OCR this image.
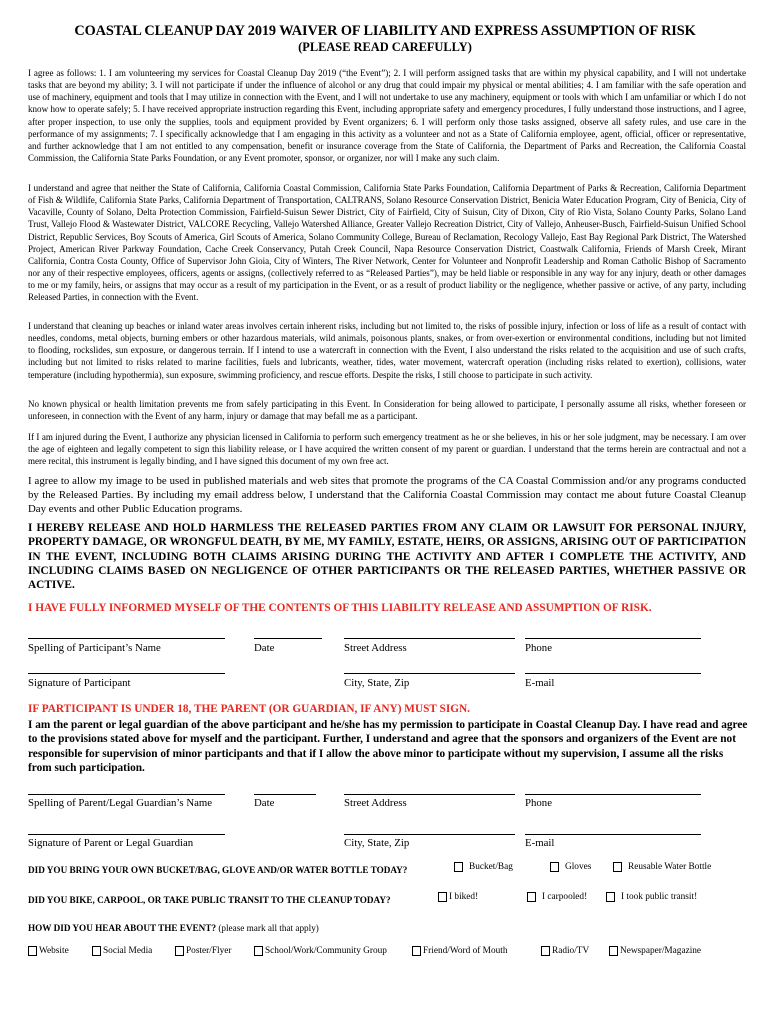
COASTAL CLEANUP DAY 2019 WAIVER OF LIABILITY AND EXPRESS ASSUMPTION OF RISK
(PLEASE READ CAREFULLY)

I agree as follows: 1. I am volunteering my services for Coastal Cleanup Day 2019 (“the Event”); 2. I will perform assigned tasks that are within my physical capability, and I will not undertake tasks that are beyond my ability; 3. I will not participate if under the influence of alcohol or any drug that could impair my physical or mental abilities; 4. I am familiar with the safe operation and use of machinery, equipment and tools that I may utilize in connection with the Event, and I will not undertake to use any machinery, equipment or tools with which I am unfamiliar or which I do not know how to operate safely; 5. I have received appropriate instruction regarding this Event, including appropriate safety and emergency procedures, I fully understand those instructions, and I agree, after proper inspection, to use only the supplies, tools and equipment provided by Event organizers; 6. I will perform only those tasks assigned, observe all safety rules, and use care in the performance of my assignments; 7. I specifically acknowledge that I am engaging in this activity as a volunteer and not as a State of California employee, agent, official, officer or representative, and further acknowledge that I am not entitled to any compensation, benefit or insurance coverage from the State of California, the Department of Parks and Recreation, the California Coastal Commission, the California State Parks Foundation, or any Event promoter, sponsor, or organizer, nor will I make any such claim.

I understand and agree that neither the State of California, California Coastal Commission, California State Parks Foundation, California Department of Parks & Recreation, California Department of Fish & Wildlife, California State Parks, California Department of Transportation, CALTRANS, Solano Resource Conservation District, Benicia Water Education Program, City of Benicia, City of Vacaville, County of Solano, Delta Protection Commission, Fairfield-Suisun Sewer District, City of Fairfield, City of Suisun, City of Dixon, City of Rio Vista, Solano County Parks, Solano Land Trust, Vallejo Flood & Wastewater District, VALCORE Recycling, Vallejo Watershed Alliance, Greater Vallejo Recreation District, City of Vallejo, Anheuser-Busch, Fairfield-Suisun Unified School District, Republic Services, Boy Scouts of America, Girl Scouts of America, Solano Community College, Bureau of Reclamation, Recology Vallejo, East Bay Regional Park District, The Watershed Project, American River Parkway Foundation, Cache Creek Conservancy, Putah Creek Council, Napa Resource Conservation District, Coastwalk California, Friends of Marsh Creek, Mirant California, Contra Costa County, Office of Supervisor John Gioia, City of Winters, The River Network, Center for Volunteer and Nonprofit Leadership and Roman Catholic Bishop of Sacramento nor any of their respective employees, officers, agents or assigns, (collectively referred to as “Released Parties”), may be held liable or responsible in any way for any injury, death or other damages to me or my family, heirs, or assigns that may occur as a result of my participation in the Event, or as a result of product liability or the negligence, whether passive or active, of any party, including Released Parties, in connection with the Event.

I understand that cleaning up beaches or inland water areas involves certain inherent risks, including but not limited to, the risks of possible injury, infection or loss of life as a result of contact with needles, condoms, metal objects, burning embers or other hazardous materials, wild animals, poisonous plants, snakes, or from over-exertion or environmental conditions, including but not limited to flooding, rockslides, sun exposure, or dangerous terrain. If I intend to use a watercraft in connection with the Event, I also understand the risks related to the acquisition and use of such crafts, including but not limited to risks related to marine facilities, fuels and lubricants, weather, tides, water movement, watercraft operation (including risks related to exertion), collisions, water temperature (including hypothermia), sun exposure, swimming proficiency, and rescue efforts. Despite the risks, I still choose to participate in such activity.

No known physical or health limitation prevents me from safely participating in this Event. In Consideration for being allowed to participate, I personally assume all risks, whether foreseen or unforeseen, in connection with the Event of any harm, injury or damage that may befall me as a participant.

If I am injured during the Event, I authorize any physician licensed in California to perform such emergency treatment as he or she believes, in his or her sole judgment, may be necessary. I am over the age of eighteen and legally competent to sign this liability release, or I have acquired the written consent of my parent or guardian. I understand that the terms herein are contractual and not a mere recital, this instrument is legally binding, and I have signed this document of my own free act.

I agree to allow my image to be used in published materials and web sites that promote the programs of the CA Coastal Commission and/or any programs conducted by the Released Parties. By including my email address below, I understand that the California Coastal Commission may contact me about future Coastal Cleanup Day events and other Public Education programs.

I HEREBY RELEASE AND HOLD HARMLESS THE RELEASED PARTIES FROM ANY CLAIM OR LAWSUIT FOR PERSONAL INJURY, PROPERTY DAMAGE, OR WRONGFUL DEATH, BY ME, MY FAMILY, ESTATE, HEIRS, OR ASSIGNS, ARISING OUT OF PARTICIPATION IN THE EVENT, INCLUDING BOTH CLAIMS ARISING DURING THE ACTIVITY AND AFTER I COMPLETE THE ACTIVITY, AND INCLUDING CLAIMS BASED ON NEGLIGENCE OF OTHER PARTICIPANTS OR THE RELEASED PARTIES, WHETHER PASSIVE OR ACTIVE.

I HAVE FULLY INFORMED MYSELF OF THE CONTENTS OF THIS LIABILITY RELEASE AND ASSUMPTION OF RISK.

Spelling of Participant’s Name	Date	Street Address	Phone
Signature of Participant	City, State, Zip	E-mail

IF PARTICIPANT IS UNDER 18, THE PARENT (OR GUARDIAN, IF ANY) MUST SIGN.

I am the parent or legal guardian of the above participant and he/she has my permission to participate in Coastal Cleanup Day. I have read and agree to the provisions stated above for myself and the participant. Further, I understand and agree that the sponsors and organizers of the Event are not responsible for supervision of minor participants and that if I allow the above minor to participate without my supervision, I assume all the risks from such participation.

Spelling of Parent/Legal Guardian’s Name	Date	Street Address	Phone
Signature of Parent or Legal Guardian	City, State, Zip	E-mail
DID YOU BRING YOUR OWN BUCKET/BAG, GLOVE AND/OR WATER BOTTLE TODAY?	Bucket/Bag	Gloves	Reusable Water Bottle
DID YOU BIKE, CARPOOL, OR TAKE PUBLIC TRANSIT TO THE CLEANUP TODAY?	I biked!	I carpooled!	I took public transit!
HOW DID YOU HEAR ABOUT THE EVENT? (please mark all that apply)
Website	Social Media	Poster/Flyer	School/Work/Community Group	Friend/Word of Mouth	Radio/TV	Newspaper/Magazine
